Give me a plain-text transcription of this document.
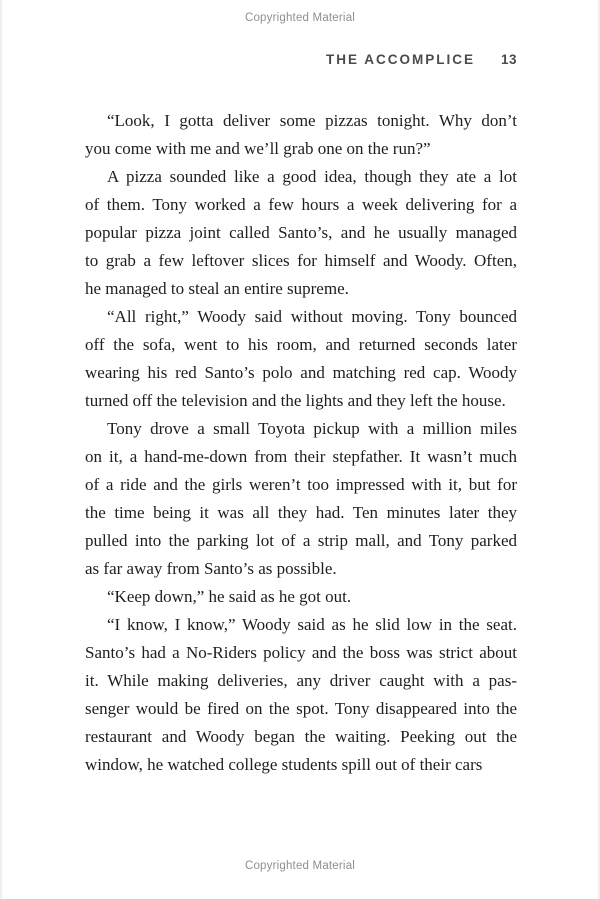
Copyrighted Material
THE ACCOMPLICE 13
“Look, I gotta deliver some pizzas tonight. Why don’t
you come with me and we’ll grab one on the run?”
A pizza sounded like a good idea, though they ate a lot
of them. Tony worked a few hours a week delivering for a
popular pizza joint called Santo’s, and he usually managed
to grab a few leftover slices for himself and Woody. Often,
he managed to steal an entire supreme.
“All right,” Woody said without moving. Tony bounced
off the sofa, went to his room, and returned seconds later
wearing his red Santo’s polo and matching red cap. Woody
turned off the television and the lights and they left the house.
Tony drove a small Toyota pickup with a million miles
on it, a hand-me-down from their stepfather. It wasn’t much
of a ride and the girls weren’t too impressed with it, but for
the time being it was all they had. Ten minutes later they
pulled into the parking lot of a strip mall, and Tony parked
as far away from Santo’s as possible.
“Keep down,” he said as he got out.
“I know, I know,” Woody said as he slid low in the seat.
Santo’s had a No-Riders policy and the boss was strict about
it. While making deliveries, any driver caught with a pas-
senger would be fired on the spot. Tony disappeared into the
restaurant and Woody began the waiting. Peeking out the
window, he watched college students spill out of their cars
Copyrighted Material
